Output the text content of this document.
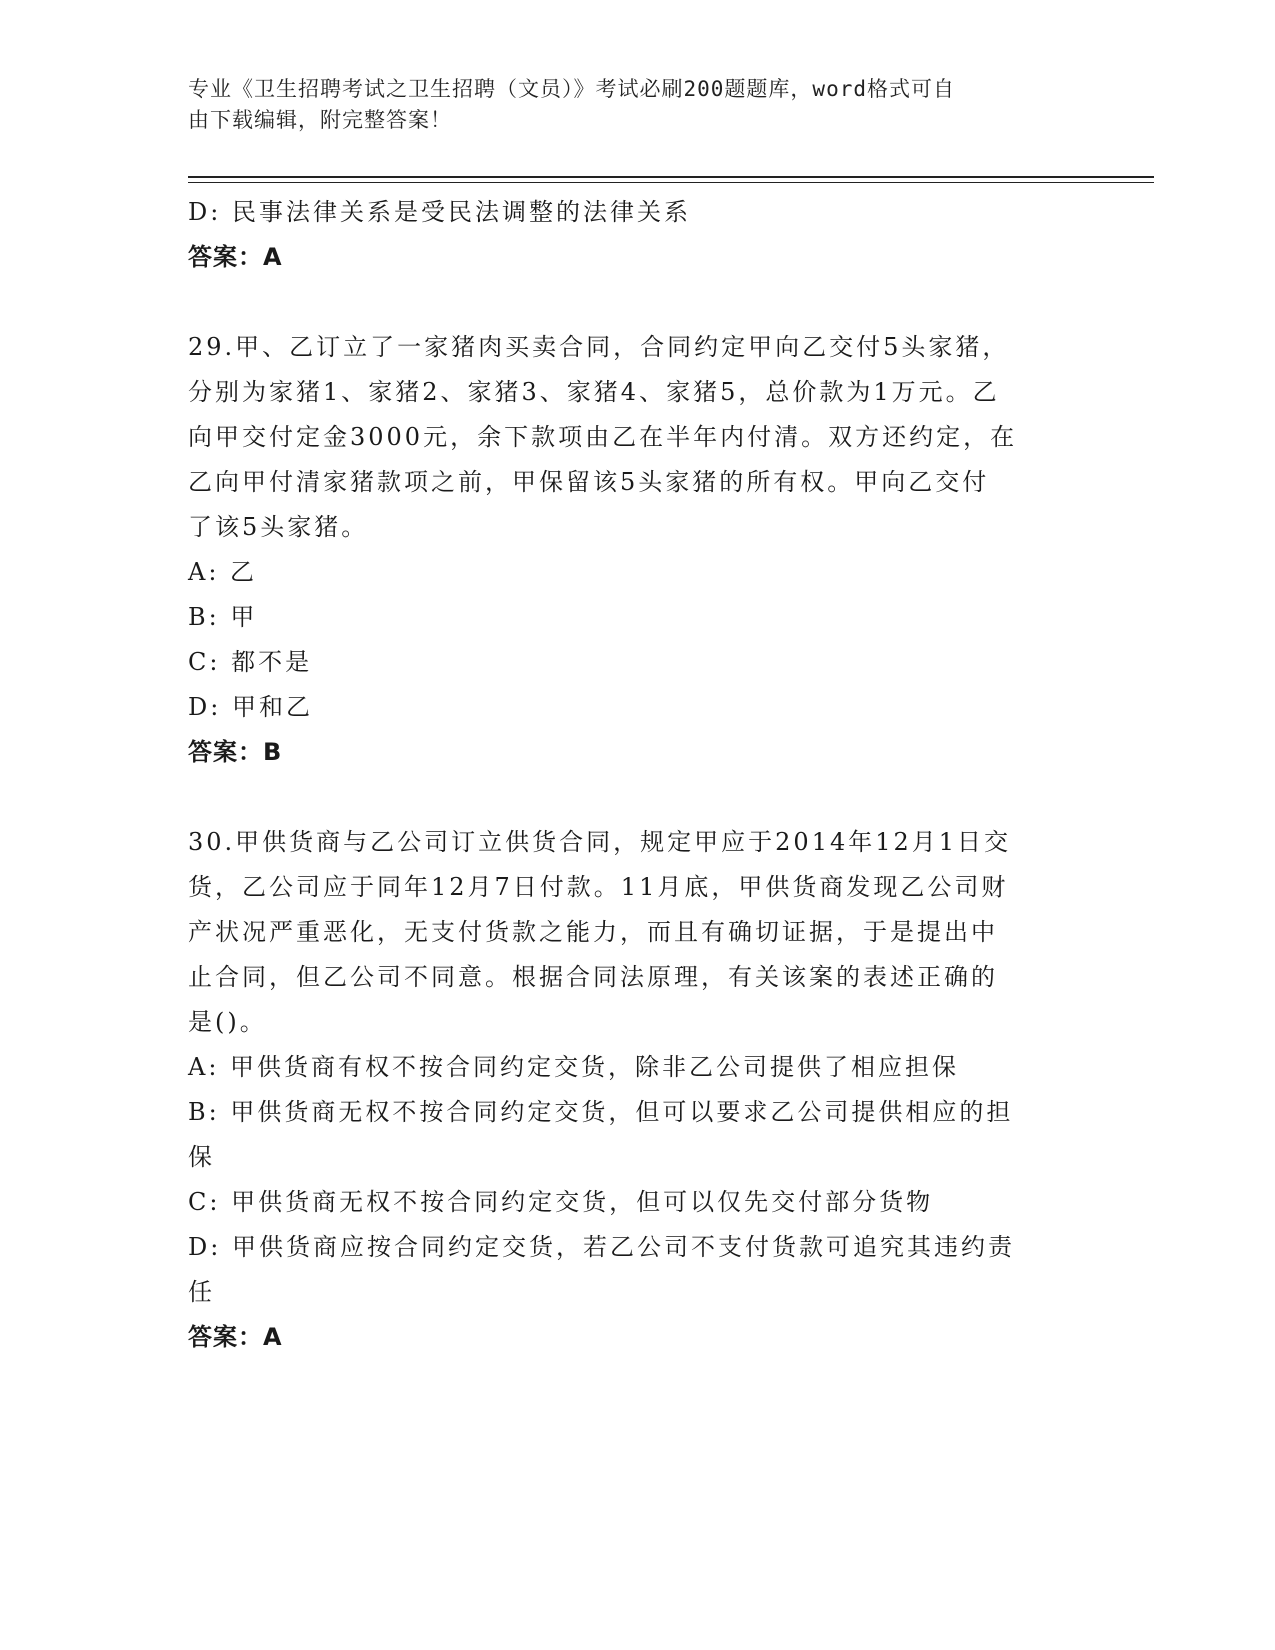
专业《卫生招聘考试之卫生招聘（文员）》考试必刷200题题库，word格式可自
由下载编辑，附完整答案！
D: 民事法律关系是受民法调整的法律关系
答案：A
29.甲、乙订立了一家猪肉买卖合同，合同约定甲向乙交付5头家猪，
分别为家猪1、家猪2、家猪3、家猪4、家猪5，总价款为1万元。乙
向甲交付定金3000元，余下款项由乙在半年内付清。双方还约定，在
乙向甲付清家猪款项之前，甲保留该5头家猪的所有权。甲向乙交付
了该5头家猪。
A: 乙
B: 甲
C: 都不是
D: 甲和乙
答案：B
30.甲供货商与乙公司订立供货合同，规定甲应于2014年12月1日交
货，乙公司应于同年12月7日付款。11月底，甲供货商发现乙公司财
产状况严重恶化，无支付货款之能力，而且有确切证据，于是提出中
止合同，但乙公司不同意。根据合同法原理，有关该案的表述正确的
是()。
A: 甲供货商有权不按合同约定交货，除非乙公司提供了相应担保
B: 甲供货商无权不按合同约定交货，但可以要求乙公司提供相应的担
保
C: 甲供货商无权不按合同约定交货，但可以仅先交付部分货物
D: 甲供货商应按合同约定交货，若乙公司不支付货款可追究其违约责
任
答案：A
